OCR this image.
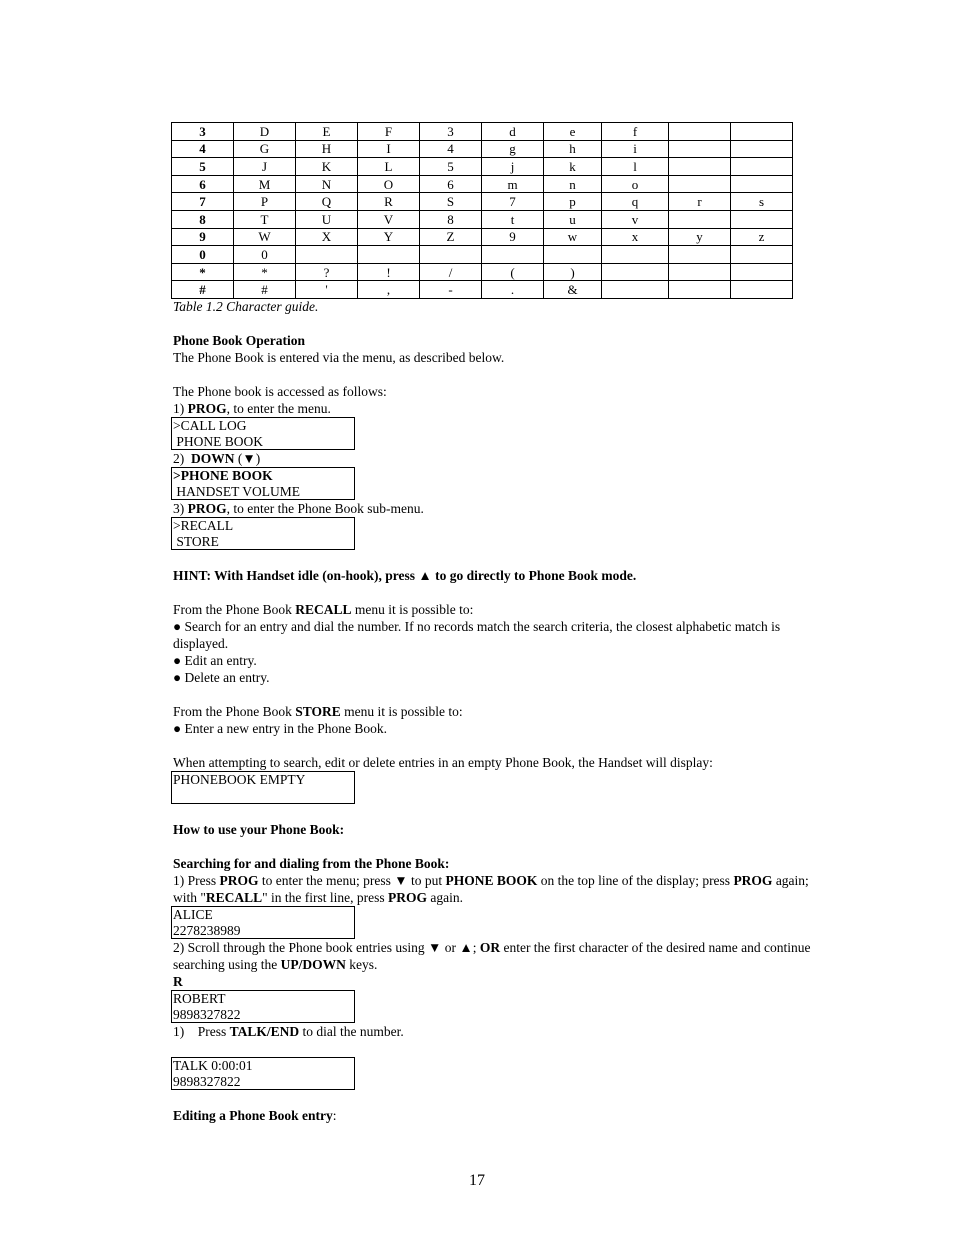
3	D	E	F	3	d	e	f		
4	G	H	I	4	g	h	i		
5	J	K	L	5	j	k	l		
6	M	N	O	6	m	n	o		
7	P	Q	R	S	7	p	q	r	s
8	T	U	V	8	t	u	v		
9	W	X	Y	Z	9	w	x	y	z
0	0								
*	*	?	!	/	(	)			
#	#	'	,	-	.	&			

Table 1.2 Character guide.

Phone Book Operation

The Phone Book is entered via the menu, as described below.

The Phone book is accessed as follows:

1) PROG, to enter the menu.

>CALL LOG
PHONE BOOK

2)  DOWN (▼)

>PHONE BOOK
HANDSET VOLUME

3) PROG, to enter the Phone Book sub-menu.

>RECALL
STORE

HINT: With Handset idle (on-hook), press ▲ to go directly to Phone Book mode.

From the Phone Book RECALL menu it is possible to:

● Search for an entry and dial the number. If no records match the search criteria, the closest alphabetic match is displayed.

● Edit an entry.

● Delete an entry.

From the Phone Book STORE menu it is possible to:

● Enter a new entry in the Phone Book.

When attempting to search, edit or delete entries in an empty Phone Book, the Handset will display:

PHONEBOOK EMPTY

How to use your Phone Book:

Searching for and dialing from the Phone Book:

1) Press PROG to enter the menu; press ▼ to put PHONE BOOK on the top line of the display; press PROG again; with "RECALL" in the first line, press PROG again.

ALICE
2278238989

2) Scroll through the Phone book entries using ▼ or ▲; OR enter the first character of the desired name and continue searching using the UP/DOWN keys.

R

ROBERT
9898327822

1)    Press TALK/END to dial the number.

TALK 0:00:01
9898327822

Editing a Phone Book entry:

17
